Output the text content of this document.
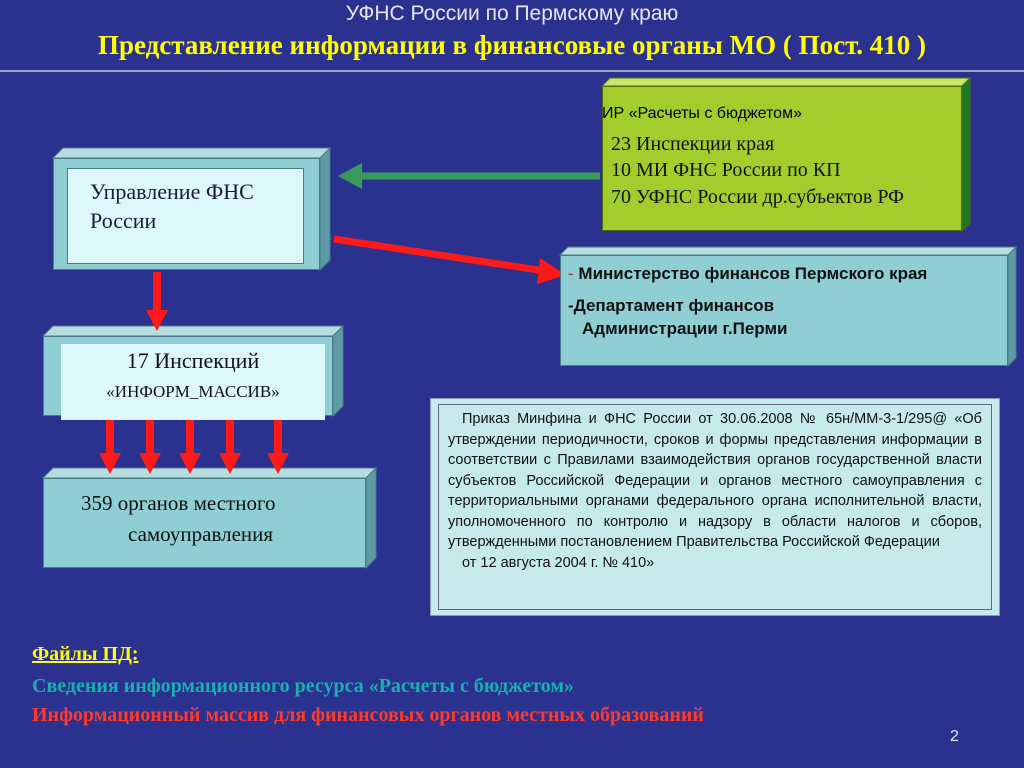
УФНС России по Пермскому краю
Представление информации в финансовые органы МО ( Пост. 410 )
Управление ФНС
России
ИР «Расчеты с бюджетом»
23 Инспекции края
10 МИ ФНС России по КП
70 УФНС России др.субъектов РФ
- Министерство финансов Пермского края
-Департамент финансов
Администрации г.Перми
17 Инспекций
«ИНФОРМ_МАССИВ»
359 органов местного
самоуправления

Приказ Минфина и ФНС России от 30.06.2008 № 65н/ММ-3-1/295@ «Об утверждении периодичности, сроков и формы представления информации в соответствии с Правилами взаимодействия органов государственной власти субъектов Российской Федерации и органов местного самоуправления с территориальными органами федерального органа исполнительной власти, уполномоченного по контролю и надзору в области налогов и сборов, утвержденными постановлением Правительства Российской Федерации

от 12 августа 2004 г. № 410»

Файлы ПД:
Сведения информационного ресурса «Расчеты с бюджетом»
Информационный массив для финансовых органов местных образований
2
